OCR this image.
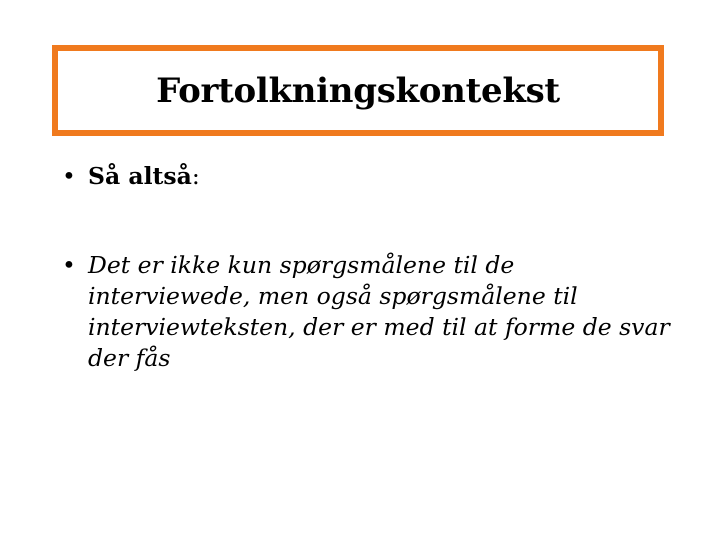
Fortolkningskontekst
• Så altså:
• Det er ikke kun spørgsmålene til de interviewede, men også spørgsmålene til interviewteksten, der er med til at forme de svar der fås
